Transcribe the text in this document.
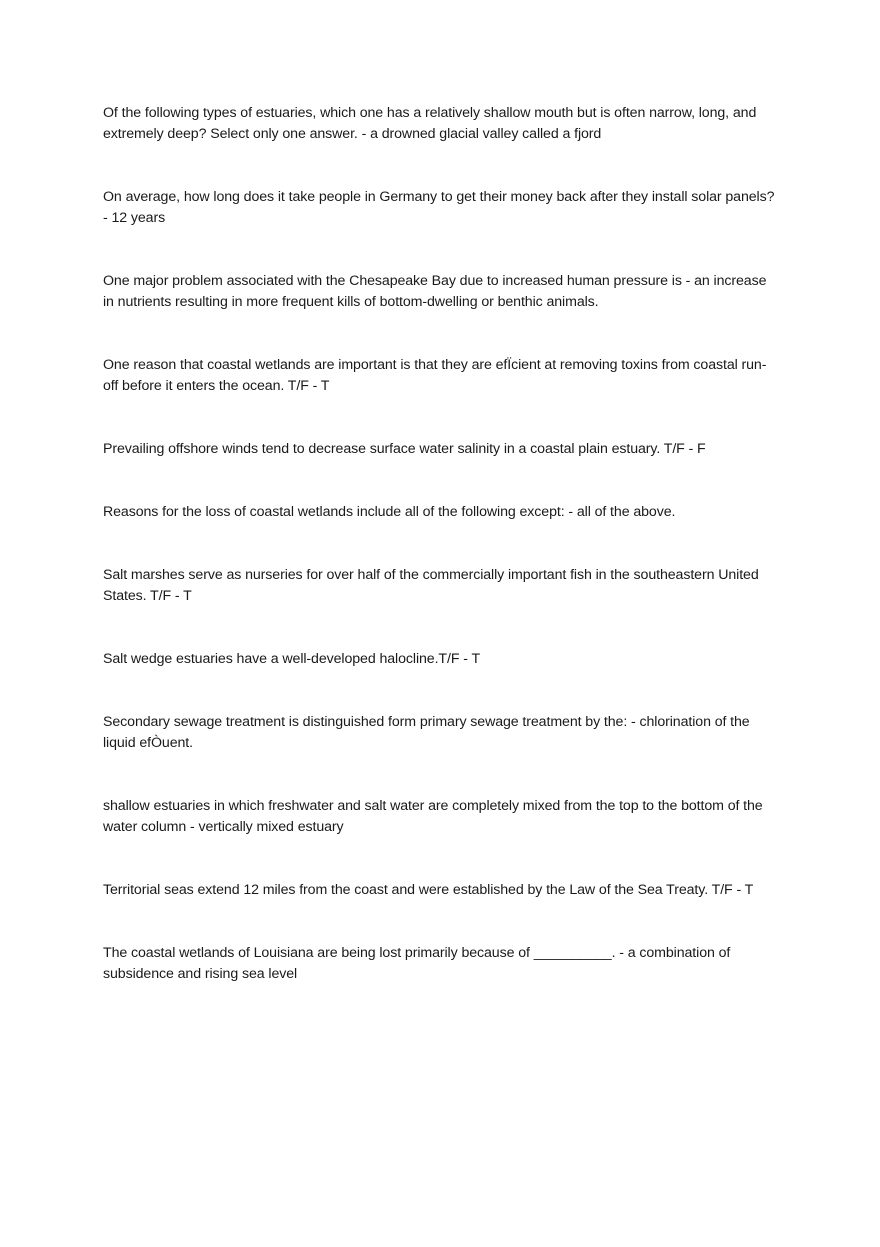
Of the following types of estuaries, which one has a relatively shallow mouth but is often narrow, long, and extremely deep? Select only one answer. - a drowned glacial valley called a fjord
On average, how long does it take people in Germany to get their money back after they install solar panels? - 12 years
One major problem associated with the Chesapeake Bay due to increased human pressure is - an increase in nutrients resulting in more frequent kills of bottom-dwelling or benthic animals.
One reason that coastal wetlands are important is that they are efÏcient at removing toxins from coastal run-off before it enters the ocean. T/F - T
Prevailing offshore winds tend to decrease surface water salinity in a coastal plain estuary. T/F - F
Reasons for the loss of coastal wetlands include all of the following except: - all of the above.
Salt marshes serve as nurseries for over half of the commercially important fish in the southeastern United States. T/F - T
Salt wedge estuaries have a well-developed halocline.T/F - T
Secondary sewage treatment is distinguished form primary sewage treatment by the: - chlorination of the liquid efÒuent.
shallow estuaries in which freshwater and salt water are completely mixed from the top to the bottom of the water column - vertically mixed estuary
Territorial seas extend 12 miles from the coast and were established by the Law of the Sea Treaty. T/F - T
The coastal wetlands of Louisiana are being lost primarily because of __________. - a combination of subsidence and rising sea level
